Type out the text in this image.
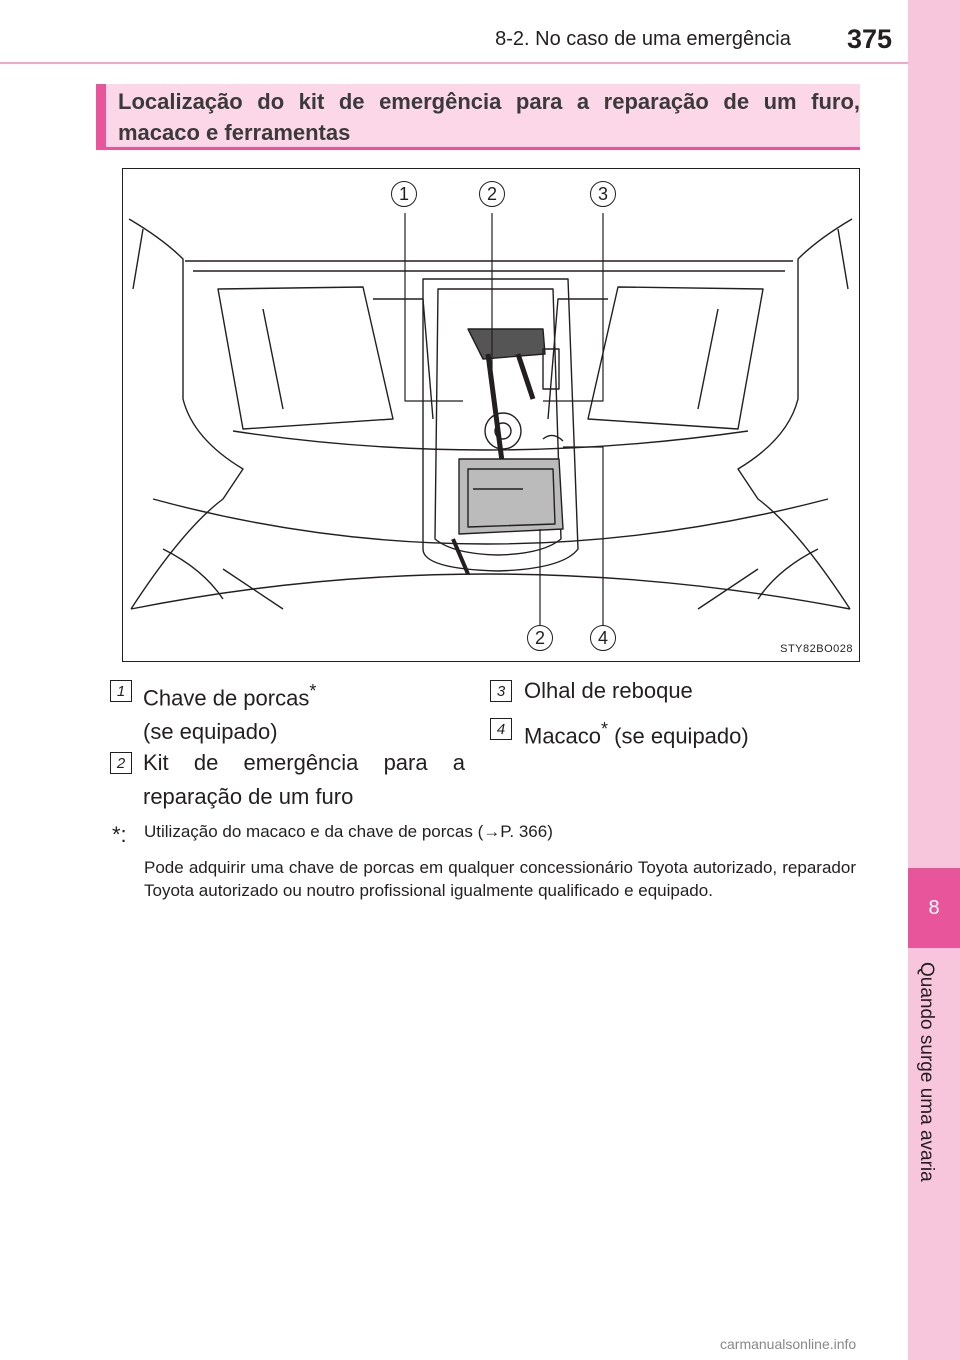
8
Quando surge uma avaria
8-2. No caso de uma emergência	375
Localização do kit de emergência para a reparação de um furo,
macaco e ferramentas
1	2	3
2	4
STY82BO028
1 Chave de porcas*
(se equipado)
2 Kit de emergência para a
reparação de um furo
3 Olhal de reboque
4 Macaco* (se equipado)
*: Utilização do macaco e da chave de porcas (→P. 366)
Pode adquirir uma chave de porcas em qualquer concessionário Toyota autorizado, reparador Toyota autorizado ou noutro profissional igualmente qualificado e equipado.
carmanualsonline.info
